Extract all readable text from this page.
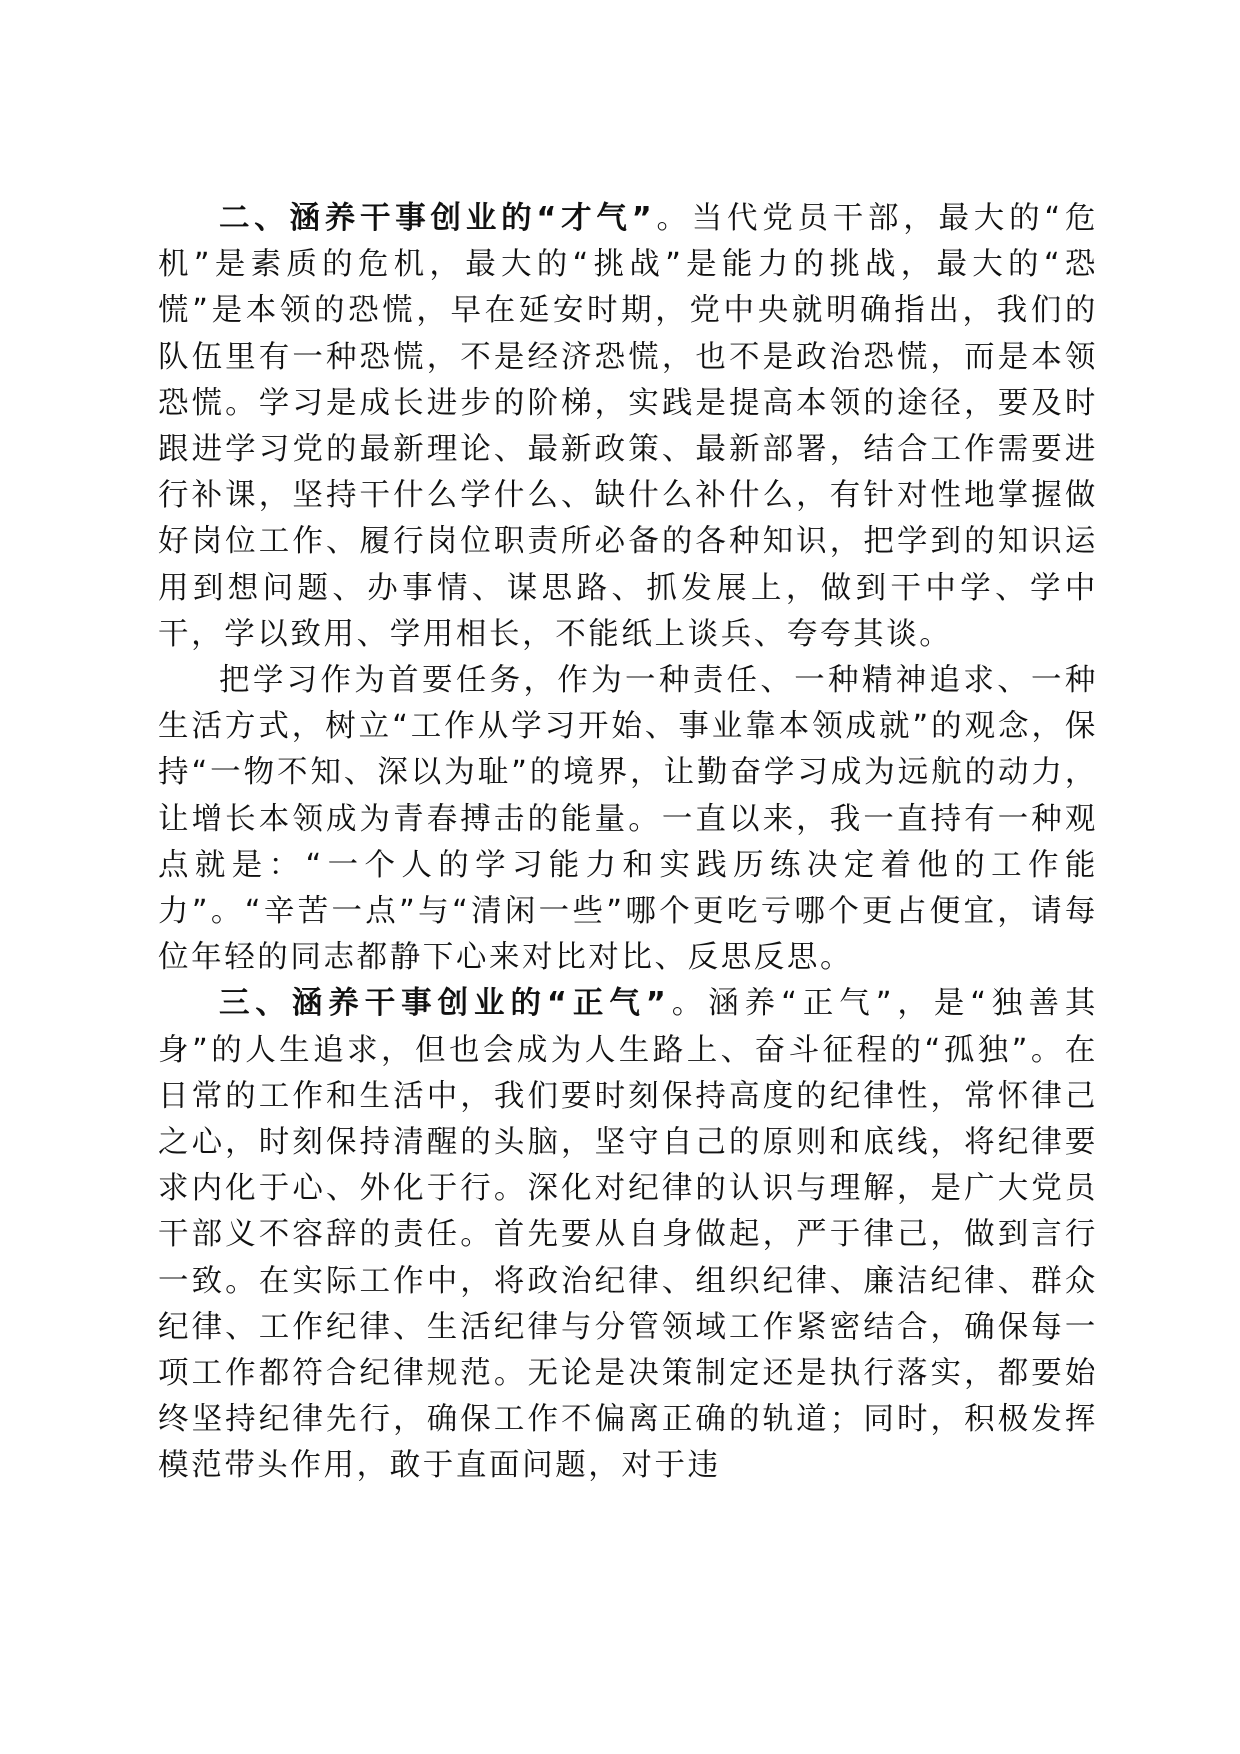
二、涵养干事创业的“才气”。当代党员干部，最大的“危机”是素质的危机，最大的“挑战”是能力的挑战，最大的“恐慌”是本领的恐慌，早在延安时期，党中央就明确指出，我们的队伍里有一种恐慌，不是经济恐慌，也不是政治恐慌，而是本领恐慌。学习是成长进步的阶梯，实践是提高本领的途径，要及时跟进学习党的最新理论、最新政策、最新部署，结合工作需要进行补课，坚持干什么学什么、缺什么补什么，有针对性地掌握做好岗位工作、履行岗位职责所必备的各种知识，把学到的知识运用到想问题、办事情、谋思路、抓发展上，做到干中学、学中干，学以致用、学用相长，不能纸上谈兵、夸夸其谈。

把学习作为首要任务，作为一种责任、一种精神追求、一种生活方式，树立“工作从学习开始、事业靠本领成就”的观念，保持“一物不知、深以为耻”的境界，让勤奋学习成为远航的动力，让增长本领成为青春搏击的能量。一直以来，我一直持有一种观点就是：“一个人的学习能力和实践历练决定着他的工作能力”。“辛苦一点”与“清闲一些”哪个更吃亏哪个更占便宜，请每位年轻的同志都静下心来对比对比、反思反思。

三、涵养干事创业的“正气”。涵养“正气”，是“独善其身”的人生追求，但也会成为人生路上、奋斗征程的“孤独”。在日常的工作和生活中，我们要时刻保持高度的纪律性，常怀律己之心，时刻保持清醒的头脑，坚守自己的原则和底线，将纪律要求内化于心、外化于行。深化对纪律的认识与理解，是广大党员干部义不容辞的责任。首先要从自身做起，严于律己，做到言行一致。在实际工作中，将政治纪律、组织纪律、廉洁纪律、群众纪律、工作纪律、生活纪律与分管领域工作紧密结合，确保每一项工作都符合纪律规范。无论是决策制定还是执行落实，都要始终坚持纪律先行，确保工作不偏离正确的轨道；同时，积极发挥模范带头作用，敢于直面问题，对于违
